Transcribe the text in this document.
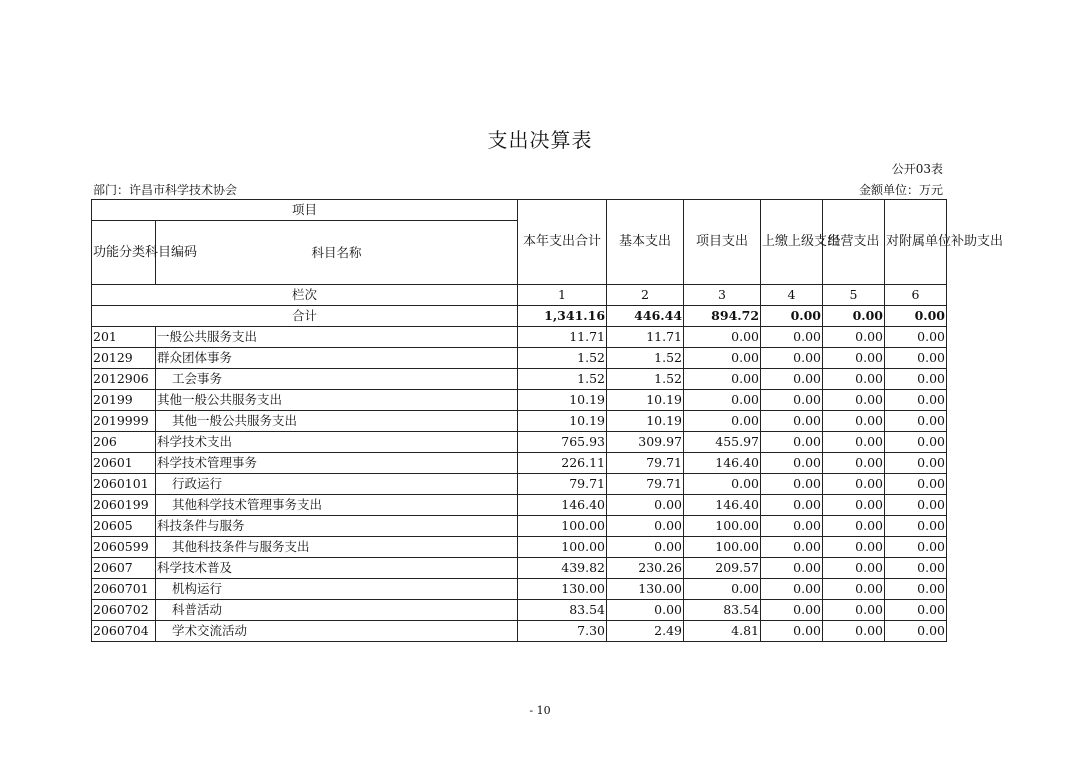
支出决算表
公开03表
部门：许昌市科学技术协会	金额单位：万元
项目		本年支出合计	基本支出	项目支出	上缴上级支出	经营支出	对附属单位补助支出
功能分类科目编码	科目名称						
栏次		1	2	3	4	5	6
合计		1,341.16	446.44	894.72	0.00	0.00	0.00
201	一般公共服务支出	11.71	11.71	0.00	0.00	0.00	0.00
20129	群众团体事务	1.52	1.52	0.00	0.00	0.00	0.00
2012906	工会事务	1.52	1.52	0.00	0.00	0.00	0.00
20199	其他一般公共服务支出	10.19	10.19	0.00	0.00	0.00	0.00
2019999	其他一般公共服务支出	10.19	10.19	0.00	0.00	0.00	0.00
206	科学技术支出	765.93	309.97	455.97	0.00	0.00	0.00
20601	科学技术管理事务	226.11	79.71	146.40	0.00	0.00	0.00
2060101	行政运行	79.71	79.71	0.00	0.00	0.00	0.00
2060199	其他科学技术管理事务支出	146.40	0.00	146.40	0.00	0.00	0.00
20605	科技条件与服务	100.00	0.00	100.00	0.00	0.00	0.00
2060599	其他科技条件与服务支出	100.00	0.00	100.00	0.00	0.00	0.00
20607	科学技术普及	439.82	230.26	209.57	0.00	0.00	0.00
2060701	机构运行	130.00	130.00	0.00	0.00	0.00	0.00
2060702	科普活动	83.54	0.00	83.54	0.00	0.00	0.00
2060704	学术交流活动	7.30	2.49	4.81	0.00	0.00	0.00
- 10
